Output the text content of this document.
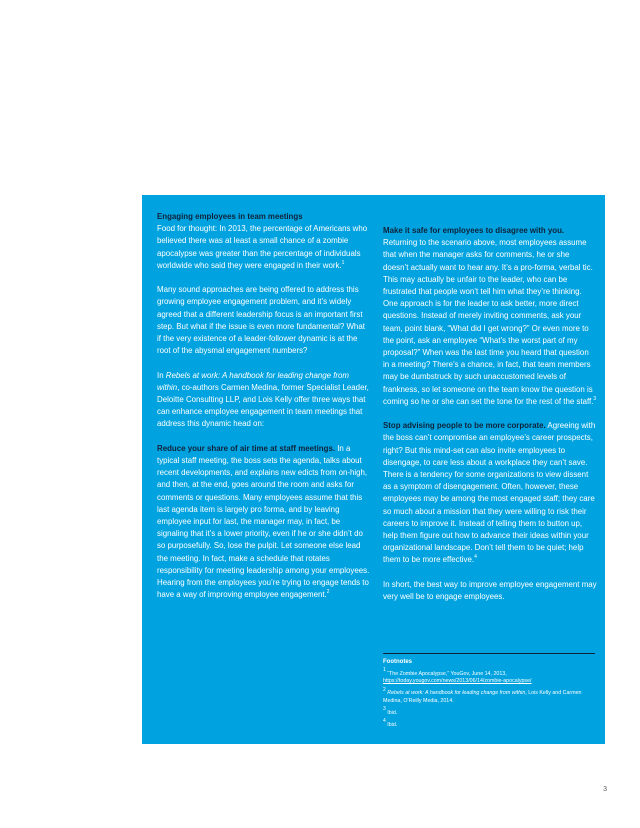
Engaging employees in team meetings

Food for thought: In 2013, the percentage of Americans who believed there was at least a small chance of a zombie apocalypse was greater than the percentage of individuals worldwide who said they were engaged in their work.$^1$

Many sound approaches are being offered to address this growing employee engagement problem, and it’s widely agreed that a different leadership focus is an important first step. But what if the issue is even more fundamental? What if the very existence of a leader-follower dynamic is at the root of the abysmal engagement numbers?

In Rebels at work: A handbook for leading change from within, co-authors Carmen Medina, former Specialist Leader, Deloitte Consulting LLP, and Lois Kelly offer three ways that can enhance employee engagement in team meetings that address this dynamic head on:

Reduce your share of air time at staff meetings. In a typical staff meeting, the boss sets the agenda, talks about recent developments, and explains new edicts from on-high, and then, at the end, goes around the room and asks for comments or questions. Many employees assume that this last agenda item is largely pro forma, and by leaving employee input for last, the manager may, in fact, be signaling that it’s a lower priority, even if he or she didn’t do so purposefully. So, lose the pulpit. Let someone else lead the meeting. In fact, make a schedule that rotates responsibility for meeting leadership among your employees. Hearing from the employees you’re trying to engage tends to have a way of improving employee engagement.$^2$

Make it safe for employees to disagree with you.
Returning to the scenario above, most employees assume that when the manager asks for comments, he or she doesn’t actually want to hear any. It’s a pro-forma, verbal tic. This may actually be unfair to the leader, who can be frustrated that people won’t tell him what they’re thinking. One approach is for the leader to ask better, more direct questions. Instead of merely inviting comments, ask your team, point blank, “What did I get wrong?” Or even more to the point, ask an employee “What’s the worst part of my proposal?” When was the last time you heard that question in a meeting? There’s a chance, in fact, that team members may be dumbstruck by such unaccustomed levels of frankness, so let someone on the team know the question is coming so he or she can set the tone for the rest of the staff.$^3$

Stop advising people to be more corporate. Agreeing with the boss can’t compromise an employee’s career prospects, right? But this mind-set can also invite employees to disengage, to care less about a workplace they can’t save. There is a tendency for some organizations to view dissent as a symptom of disengagement. Often, however, these employees may be among the most engaged staff; they care so much about a mission that they were willing to risk their careers to improve it. Instead of telling them to button up, help them figure out how to advance their ideas within your organizational landscape. Don’t tell them to be quiet; help them to be more effective.$^4$

In short, the best way to improve employee engagement may very well be to engage employees.

Footnotes
$^1$ “The Zombie Apocalypse,” YouGov, June 14, 2013, https://today.yougov.com/news/2013/06/14/zombie-apocalypse/
$^2$ Rebels at work: A handbook for leading change from within, Lois Kelly and Carmen Medina, O’Reilly Media, 2014.
$^3$ Ibid.
$^4$ Ibid.
3
